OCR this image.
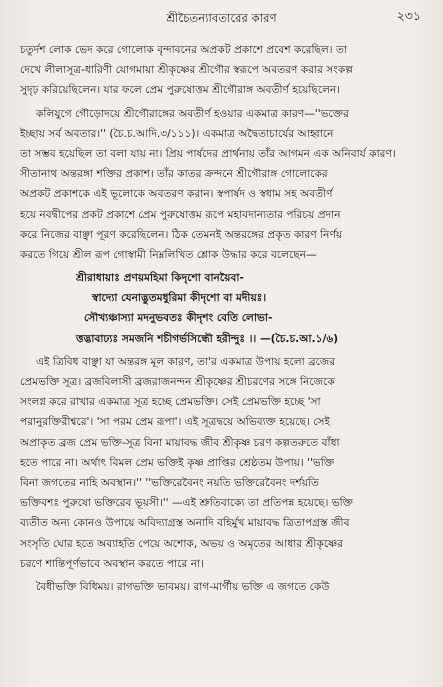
শ্রীচৈতন্যাবতারের কারণ	২৩১
চতুর্দশ লোক ভেদ করে গোলোক বৃন্দাবনের অপ্রকট প্রকাশে প্রবেশ করেছিল। তা
দেখে লীলাসূত্র-ধারিণী যোগমায়া শ্রীকৃষ্ণের শ্রীগৌর স্বরূপে অবতরণ করার সংকল্প
সুদৃঢ় করিয়েছিলেন। যার ফলে প্রেম পুরুষোত্তম শ্রীগৌরাঙ্গ অবতীর্ণ হয়েছিলেন।
কলিযুগে গৌড়োদয়ে শ্রীগৌরাঙ্গের অবতীর্ণ হওয়ার একমাত্র কারণ—''ভক্তের
ইচ্ছায় সর্ব অবতার।'' (চৈ.চ.আদি.৩/১১১)। একমাত্র অদ্বৈতাচার্যের আহ্বানে
তা সম্ভব হয়েছিল তা বলা যায় না। প্রিয় পার্ষদের প্রার্থনায় তাঁর আগমন এক অনিবার্য কারণ।
সীতানাথ অন্তরঙ্গা শক্তির প্রকাশ। তাঁর কাতর ক্রন্দনে শ্রীগৌরাঙ্গ গোলোকের
অপ্রকট প্রকাশকে এই ভূলোকে অবতরণ করান। স্বপার্ষদ ও স্বধাম সহ অবতীর্ণ
হয়ে নবদ্বীপের প্রকট প্রকাশে প্রেম পুরুষোত্তম রূপে মহাবদান্যতার পরিচয় প্রদান
করে নিজের বাঞ্ছা পূরণ করেছিলেন। ঠিক তেমনই অন্তরঙ্গের প্রকৃত কারণ নির্ণয়
করতে গিয়ে শ্রীল রূপ গোস্বামী নিম্নলিখিত শ্লোক উদ্ধার করে বলেছেন—
শ্রীরাধায়াঃ প্রণয়মহিমা কিদৃশো বানয়ৈবা-
স্বাদ্যো যেনাদ্ভুতমধুরিমা কীদৃশো বা মদীয়ঃ।
সৌখ্যঞ্চাস্যা মদনুভবতঃ কীদৃশং বেতি লোভা-
ত্তদ্ভাবাঢ্যঃ সমজনি শচীগর্ভসিন্ধৌ হরীন্দুঃ ।। —(চৈ.চ.আ.১/৬)
এই ত্রিবিধ বাঞ্ছা যা অন্তরঙ্গ মূল কারণ, তা'র একমাত্র উপায় হলো ব্রজের
প্রেমভক্তি সূত্র। ব্রজবিলাসী ব্রজরাজনন্দন শ্রীকৃষ্ণের শ্রীচরণের সঙ্গে নিজেকে
সংলগ্ন করে রাখার একমাত্র সূত্র হচ্ছে প্রেমভক্তি। সেই প্রেমভক্তি হচ্ছে 'সা
পরানুরক্তিরীশ্বরে'। 'সা পরম প্রেম রূপা'। এই সূত্রদ্বয়ে অভিব্যক্ত হয়েছে। সেই
অপ্রাকৃত ব্রজ প্রেম ভক্তি-সূত্র বিনা মায়াবদ্ধ জীব শ্রীকৃষ্ণ চরণ কল্পতরুতে বাঁধা
হতে পারে না। অর্থাৎ বিমল প্রেম ভক্তিই কৃষ্ণ প্রাপ্তির শ্রেষ্ঠতম উপায়। ''ভক্তি
বিনা জগতের নাহি অবস্থান।'' ''ভক্তিরেবৈনং নয়তি ভক্তিরেবৈনং দর্শয়তি
ভক্তিবশঃ পুরুষো ভক্তিরেব ভূয়সী।'' —এই শ্রুতিবাক্যে তা প্রতিপন্ন হয়েছে। ভক্তি
ব্যতীত অন্য কোনও উপায়ে অবিদ্যাগ্রস্ত অনাদি বহির্মুখ মায়াবদ্ধ ত্রিতাপগ্রস্ত জীব
সংসৃতি ঘোর হতে অব্যাহতি পেয়ে অশোক, অভয় ও অমৃতের আধার শ্রীকৃষ্ণের
চরণে শান্তিপূর্ণভাবে অবস্থান করতে পারে না।
বৈধীভক্তি বিধিময়। রাগভক্তি ভাবময়। রাগ-মার্গীয় ভক্তি এ জগতে কেউ
